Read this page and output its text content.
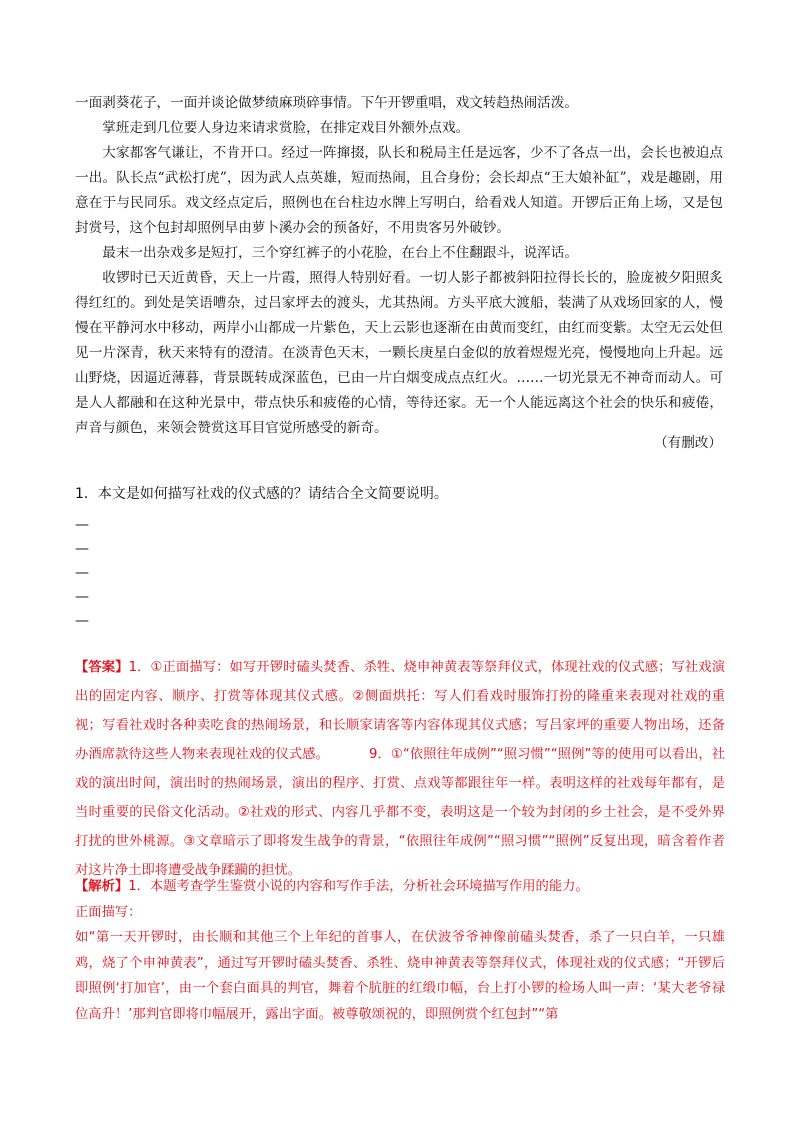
一面剥葵花子，一面并谈论做梦绩麻琐碎事情。下午开锣重唱，戏文转趋热闹活泼。

掌班走到几位要人身边来请求赏脸，在排定戏目外额外点戏。

大家都客气谦让，不肯开口。经过一阵撺掇，队长和税局主任是远客，少不了各点一出，会长也被迫点一出。队长点“武松打虎”，因为武人点英雄，短而热闹，且合身份；会长却点“王大娘补缸”，戏是趣剧，用意在于与民同乐。戏文经点定后，照例也在台柱边水牌上写明白，给看戏人知道。开锣后正角上场，又是包封赏号，这个包封却照例早由萝卜溪办会的预备好，不用贵客另外破钞。

最末一出杂戏多是短打，三个穿红裤子的小花脸，在台上不住翻跟斗，说浑话。

收锣时已天近黄昏，天上一片霞，照得人特别好看。一切人影子都被斜阳拉得长长的，脸庞被夕阳照炙得红红的。到处是笑语嘈杂，过吕家坪去的渡头，尤其热闹。方头平底大渡船，装满了从戏场回家的人，慢慢在平静河水中移动，两岸小山都成一片紫色，天上云影也逐渐在由黄而变红，由红而变紫。太空无云处但见一片深青，秋天来特有的澄清。在淡青色天末，一颗长庚星白金似的放着煜煜光亮，慢慢地向上升起。远山野烧，因逼近薄暮，背景既转成深蓝色，已由一片白烟变成点点红火。……一切光景无不神奇而动人。可是人人都融和在这种光景中，带点快乐和疲倦的心情，等待还家。无一个人能远离这个社会的快乐和疲倦，声音与颜色，来领会赞赏这耳目官觉所感受的新奇。

（有删改）
1．本文是如何描写社戏的仪式感的？请结合全文简要说明。
—
—
—
—
—
【答案】1．①正面描写：如写开锣时磕头焚香、杀牲、烧申神黄表等祭拜仪式，体现社戏的仪式感；写社戏演出的固定内容、顺序、打赏等体现其仪式感。②侧面烘托：写人们看戏时服饰打扮的隆重来表现对社戏的重视；写看社戏时各种卖吃食的热闹场景，和长顺家请客等内容体现其仪式感；写吕家坪的重要人物出场，还备办酒席款待这些人物来表现社戏的仪式感。	9．①“依照往年成例”“照习惯”“照例”等的使用可以看出，社戏的演出时间，演出时的热闹场景，演出的程序、打赏、点戏等都跟往年一样。表明这样的社戏每年都有，是当时重要的民俗文化活动。②社戏的形式、内容几乎都不变，表明这是一个较为封闭的乡土社会，是不受外界打扰的世外桃源。③文章暗示了即将发生战争的背景，“依照往年成例”“照习惯”“照例”反复出现，暗含着作者对这片净土即将遭受战争蹂躏的担忧。

【解析】1．本题考查学生鉴赏小说的内容和写作手法，分析社会环境描写作用的能力。

正面描写：

如“第一天开锣时，由长顺和其他三个上年纪的首事人，在伏波爷爷神像前磕头焚香，杀了一只白羊，一只雄鸡，烧了个申神黄表”，通过写开锣时磕头焚香、杀牲、烧申神黄表等祭拜仪式，体现社戏的仪式感；“开锣后即照例‘打加官’，由一个套白面具的判官，舞着个肮脏的红缎巾幅，台上打小锣的检场人叫一声：‘某大老爷禄位高升！’那判官即将巾幅展开，露出字面。被尊敬颂祝的，即照例赏个红包封”“第
